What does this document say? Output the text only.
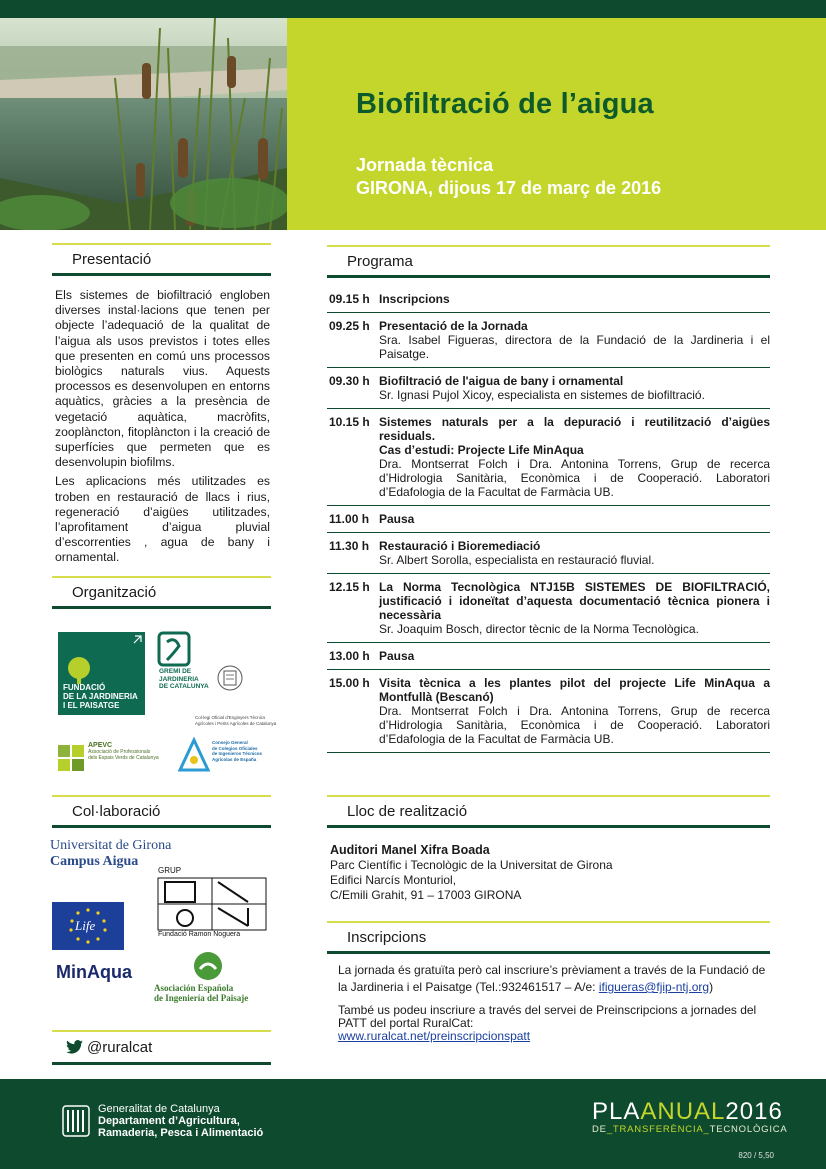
Biofiltració de l’aigua
Jornada tècnica
GIRONA, dijous 17 de març de 2016
Presentació

Els sistemes de biofiltració engloben diverses instal·lacions que tenen per objecte l’adequació de la qualitat de l’aigua als usos previstos i totes elles que presenten en comú uns processos biològics naturals vius. Aquests processos es desenvolupen en entorns aquàtics, gràcies a la presència de vegetació aquàtica, macròfits, zooplàncton, fitoplàncton i la creació de superfícies que permeten que es desenvolupin biofilms.

Les aplicacions més utilitzades es troben en restauració de llacs i rius, regeneració d’aigües utilitzades, l’aprofitament d’aigua pluvial d’escorrenties , agua de bany i ornamental.

Organització
FUNDACIÓ
DE LA JARDINERIA
I EL PAISATGE
GREMI DE
JARDINERIA
DE CATALUNYA
Col·legi Oficial d'Enginyers Tècnics
Agrícoles i Perits Agrícoles de Catalunya
APEVC
Associació de Professionals
dels Espais Verds de Catalunya
Consejo General
de Colegios Oficiales
de Ingenieros Técnicos
Agrícolas de España
Col·laboració
Universitat de Girona
Campus Aigua
GRUP
Fundació Ramon Noguera
Life
MinAqua
Asociación Española
de Ingeniería del Paisaje
@ruralcat
Programa
09.15 h Inscripcions
09.25 h Presentació de la Jornada
Sra. Isabel Figueras, directora de la Fundació de la Jardineria i el Paisatge.
09.30 h Biofiltració de l'aigua de bany i ornamental
Sr. Ignasi Pujol Xicoy, especialista en sistemes de biofiltració.
10.15 h Sistemes naturals per a la depuració i reutilització d’aigües residuals.
Cas d’estudi: Projecte Life MinAqua
Dra. Montserrat Folch i Dra. Antonina Torrens, Grup de recerca d’Hidrologia Sanitària, Econòmica i de Cooperació. Laboratori d’Edafologia de la Facultat de Farmàcia UB.
11.00 h Pausa
11.30 h Restauració i Bioremediació
Sr. Albert Sorolla, especialista en restauració fluvial.
12.15 h La Norma Tecnològica NTJ15B SISTEMES DE BIOFILTRACIÓ, justificació i idoneïtat d’aquesta documentació tècnica pionera i necessària
Sr. Joaquim Bosch, director tècnic de la Norma Tecnològica.
13.00 h Pausa
15.00 h Visita tècnica a les plantes pilot del projecte Life MinAqua a Montfullà (Bescanó)
Dra. Montserrat Folch i Dra. Antonina Torrens, Grup de recerca d’Hidrologia Sanitària, Econòmica i de Cooperació. Laboratori d’Edafologia de la Facultat de Farmàcia UB.
Lloc de realització
Auditori Manel Xifra Boada
Parc Científic i Tecnològic de la Universitat de Girona
Edifici Narcís Monturiol,
C/Emili Grahit, 91 – 17003 GIRONA
Inscripcions

La jornada és gratuïta però cal inscriure’s prèviament a través de la Fundació de la Jardineria i el Paisatge (Tel.:932461517 – A/e: ifigueras@fjip-ntj.org)

També us podeu inscriure a través del servei de Preinscripcions a jornades del PATT del portal RuralCat:
www.ruralcat.net/preinscripcionspatt

Generalitat de Catalunya
Departament d’Agricultura,
Ramaderia, Pesca i Alimentació
PLAANUAL2016
DE_TRANSFERÈNCIA_TECNOLÒGICA
820 / 5,50
